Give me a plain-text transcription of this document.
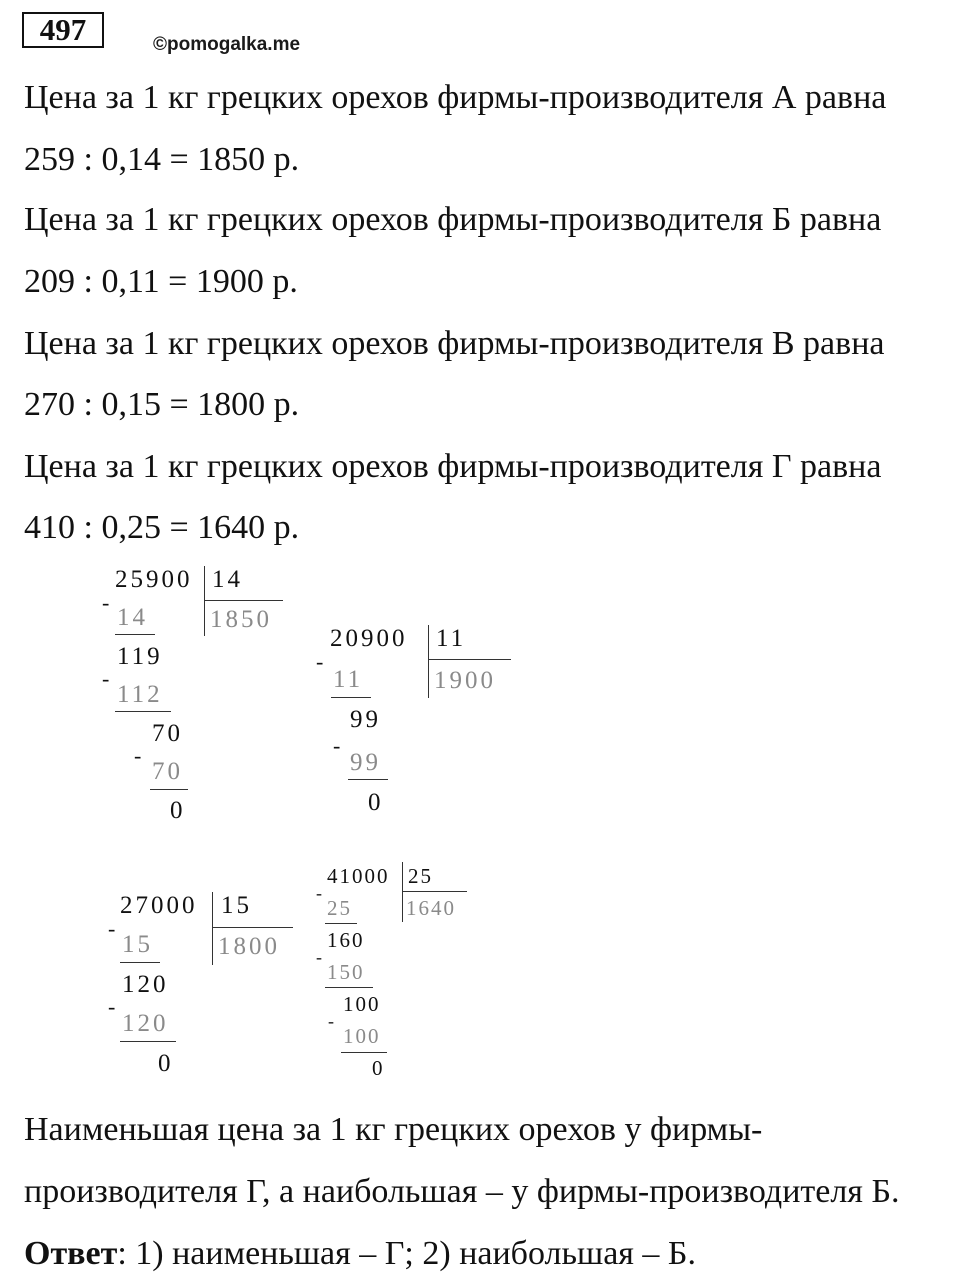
497	©pomogalka.me
Цена за 1 кг грецких орехов фирмы-производителя А равна
259 : 0,14 = 1850 р.
Цена за 1 кг грецких орехов фирмы-производителя Б равна
209 : 0,11 = 1900 р.
Цена за 1 кг грецких орехов фирмы-производителя В равна
270 : 0,15 = 1800 р.
Цена за 1 кг грецких орехов фирмы-производителя Г равна
410 : 0,25 = 1640 р.
25900 14
1850
-
14
119
-
112
70
-
70
0
20900 11
1900
-
11
99
-
99
0
27000 15
1800
-
15
120
-
120
0
41000 25
1640
-
25
160
-
150
100
-
100
0
Наименьшая цена за 1 кг грецких орехов у фирмы-
производителя Г, а наибольшая – у фирмы-производителя Б.
Ответ: 1) наименьшая – Г; 2) наибольшая – Б.
